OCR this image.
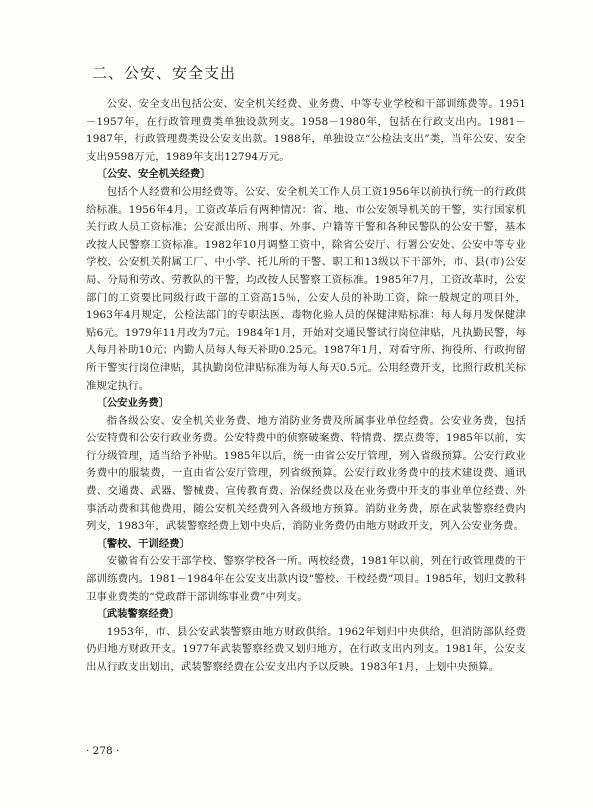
二、公安、安全支出

公安、安全支出包括公安、安全机关经费、业务费、中等专业学校和干部训练费等。1951－1957年，在行政管理费类单独设款列支。1958－1980年，包括在行政支出内。1981－1987年，行政管理费类设公安支出款。1988年，单独设立“公检法支出”类，当年公安、安全支出9598万元，1989年支出12794万元。

〔公安、安全机关经费〕

包括个人经费和公用经费等。公安、安全机关工作人员工资1956年以前执行统一的行政供给标准。1956年4月，工资改革后有两种情况：省、地、市公安领导机关的干警，实行国家机关行政人员工资标准；公安派出所、刑事、外事、户籍等干警和各种民警队的公安干警，基本改按人民警察工资标准。1982年10月调整工资中，除省公安厅、行署公安处、公安中等专业学校、公安机关附属工厂、中小学、托儿所的干警、职工和13级以下干部外，市、县(市)公安局、分局和劳改、劳教队的干警，均改按人民警察工资标准。1985年7月，工资改革时，公安部门的工资要比同级行政干部的工资高15％，公安人员的补助工资，除一般规定的项目外，1963年4月规定，公检法部门的专职法医、毒物化验人员的保健津贴标准：每人每月发保健津贴6元。1979年11月改为7元。1984年1月，开始对交通民警试行岗位津贴，凡执勤民警，每人每月补助10元；内勤人员每人每天补助0.25元。1987年1月，对看守所、拘役所、行政拘留所干警实行岗位津贴，其执勤岗位津贴标准为每人每天0.5元。公用经费开支，比照行政机关标准规定执行。

〔公安业务费〕

指各级公安、安全机关业务费、地方消防业务费及所属事业单位经费。公安业务费，包括公安特费和公安行政业务费。公安特费中的侦察破案费、特情费、摆点费等，1985年以前，实行分级管理，适当给予补贴。1985年以后，统一由省公安厅管理，列入省级预算。公安行政业务费中的服装费，一直由省公安厅管理，列省级预算。公安行政业务费中的技术建设费、通讯费、交通费、武器、警械费、宣传教育费、治保经费以及在业务费中开支的事业单位经费、外事活动费和其他费用，随公安机关经费列入各级地方预算。消防业务费，原在武装警察经费内列支，1983年，武装警察经费上划中央后，消防业务费仍由地方财政开支，列入公安业务费。

〔警校、干训经费〕

安徽省有公安干部学校、警察学校各一所。两校经费，1981年以前，列在行政管理费的干部训练费内。1981－1984年在公安支出款内设“警校、干校经费”项目。1985年，划归文教科卫事业费类的“党政群干部训练事业费”中列支。

〔武装警察经费〕

1953年，市、县公安武装警察由地方财政供给。1962年划归中央供给，但消防部队经费仍归地方财政开支。1977年武装警察经费又划归地方，在行政支出内列支。1981年，公安支出从行政支出划出，武装警察经费在公安支出内予以反映。1983年1月，上划中央预算。

· 278 ·
